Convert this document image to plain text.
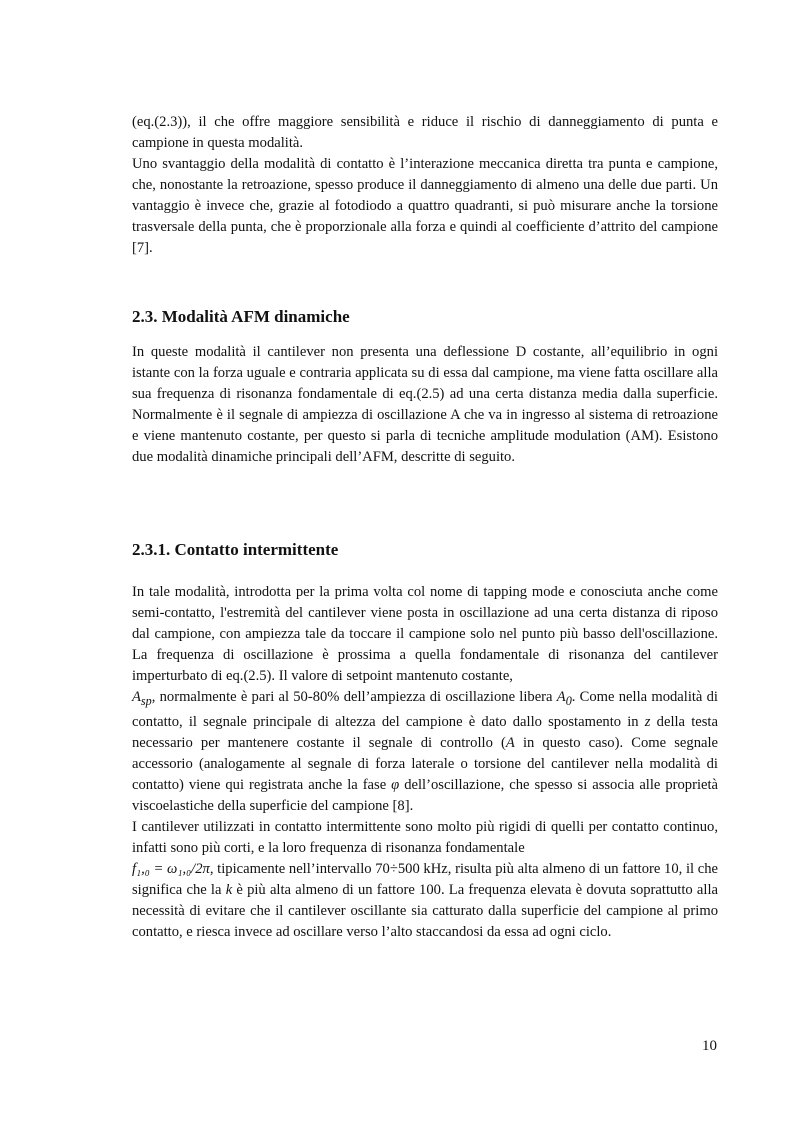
(eq.(2.3)), il che offre maggiore sensibilità e riduce il rischio di danneggiamento di punta e campione in questa modalità.

Uno svantaggio della modalità di contatto è l’interazione meccanica diretta tra punta e campione, che, nonostante la retroazione, spesso produce il danneggiamento di almeno una delle due parti. Un vantaggio è invece che, grazie al fotodiodo a quattro quadranti, si può misurare anche la torsione trasversale della punta, che è proporzionale alla forza e quindi al coefficiente d’attrito del campione [7].

2.3. Modalità AFM dinamiche

In queste modalità il cantilever non presenta una deflessione D costante, all’equilibrio in ogni istante con la forza uguale e contraria applicata su di essa dal campione, ma viene fatta oscillare alla sua frequenza di risonanza fondamentale di eq.(2.5) ad una certa distanza media dalla superficie. Normalmente è il segnale di ampiezza di oscillazione A che va in ingresso al sistema di retroazione e viene mantenuto costante, per questo si parla di tecniche amplitude modulation (AM). Esistono due modalità dinamiche principali dell’AFM, descritte di seguito.

2.3.1. Contatto intermittente

In tale modalità, introdotta per la prima volta col nome di tapping mode e conosciuta anche come semi-contatto, l'estremità del cantilever viene posta in oscillazione ad una certa distanza di riposo dal campione, con ampiezza tale da toccare il campione solo nel punto più basso dell'oscillazione. La frequenza di oscillazione è prossima a quella fondamentale di risonanza del cantilever imperturbato di eq.(2.5). Il valore di setpoint mantenuto costante,
$A_{sp}$, normalmente è pari al 50-80% dell’ampiezza di oscillazione libera $A_0$. Come nella modalità di contatto, il segnale principale di altezza del campione è dato dallo spostamento in z della testa necessario per mantenere costante il segnale di controllo (A in questo caso). Come segnale accessorio (analogamente al segnale di forza laterale o torsione del cantilever nella modalità di contatto) viene qui registrata anche la fase φ dell’oscillazione, che spesso si associa alle proprietà viscoelastiche della superficie del campione [8].

I cantilever utilizzati in contatto intermittente sono molto più rigidi di quelli per contatto continuo, infatti sono più corti, e la loro frequenza di risonanza fondamentale
f₁,₀ = ω₁,₀/2π, tipicamente nell’intervallo 70÷500 kHz, risulta più alta almeno di un fattore 10, il che significa che la k è più alta almeno di un fattore 100. La frequenza elevata è dovuta soprattutto alla necessità di evitare che il cantilever oscillante sia catturato dalla superficie del campione al primo contatto, e riesca invece ad oscillare verso l’alto staccandosi da essa ad ogni ciclo.

10
